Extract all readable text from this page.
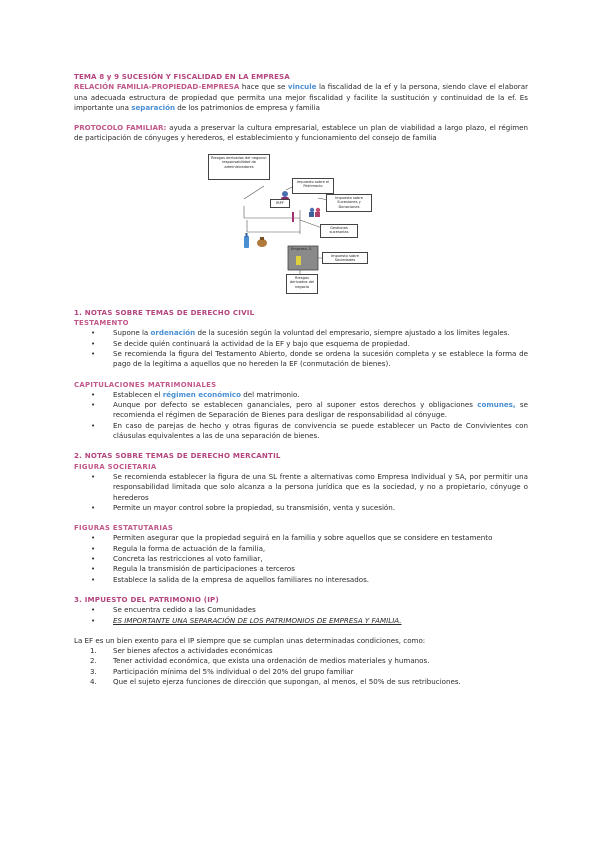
TEMA 8 y 9 SUCESIÓN Y FISCALIDAD EN LA EMPRESA

RELACIÓN FAMILIA-PROPIEDAD-EMPRESA hace que se vincule la fiscalidad de la ef y la persona, siendo clave el elaborar una adecuada estructura de propiedad que permita una mejor fiscalidad y facilite la sustitución y continuidad de la ef. Es importante una separación de los patrimonios de empresa y familia

PROTOCOLO FAMILIAR: ayuda a preservar la cultura empresarial, establece un plan de viabilidad a largo plazo, el régimen de participación de cónyuges y herederos, el establecimiento y funcionamiento del consejo de familia

Riesgos derivados del negocio: responsabilidad de administradores
Impuesto sobre el Patrimonio
IRPF
Impuesto sobre Sucesiones y Donaciones
Gestiones sucesorias
Empresa, S.
Impuesto sobre Sociedades
Riesgos derivados del negocio
1. NOTAS SOBRE TEMAS DE DERECHO CIVIL
TESTAMENTO
• Supone la ordenación de la sucesión según la voluntad del empresario, siempre ajustado a los límites legales.
• Se decide quién continuará la actividad de la EF y bajo que esquema de propiedad.
• Se recomienda la figura del Testamento Abierto, donde se ordena la sucesión completa y se establece la forma de pago de la legítima a aquellos que no hereden la EF (conmutación de bienes).
CAPITULACIONES MATRIMONIALES
• Establecen el régimen económico del matrimonio.
• Aunque por defecto se establecen gananciales, pero al suponer estos derechos y obligaciones comunes, se recomienda el régimen de Separación de Bienes para desligar de responsabilidad al cónyuge.
• En caso de parejas de hecho y otras figuras de convivencia se puede establecer un Pacto de Convivientes con cláusulas equivalentes a las de una separación de bienes.
2. NOTAS SOBRE TEMAS DE DERECHO MERCANTIL
FIGURA SOCIETARIA
• Se recomienda establecer la figura de una SL frente a alternativas como Empresa Individual y SA, por permitir una responsabilidad limitada que solo alcanza a la persona jurídica que es la sociedad, y no a propietario, cónyuge o herederos
• Permite un mayor control sobre la propiedad, su transmisión, venta y sucesión.
FIGURAS ESTATUTARIAS
• Permiten asegurar que la propiedad seguirá en la familia y sobre aquellos que se considere en testamento
• Regula la forma de actuación de la familia,
• Concreta las restricciones al voto familiar,
• Regula la transmisión de participaciones a terceros
• Establece la salida de la empresa de aquellos familiares no interesados.
3. IMPUESTO DEL PATRIMONIO (IP)
• Se encuentra cedido a las Comunidades
• ES IMPORTANTE UNA SEPARACIÓN DE LOS PATRIMONIOS DE EMPRESA Y FAMILIA.

La EF es un bien exento para el IP siempre que se cumplan unas determinadas condiciones, como:

1. Ser bienes afectos a actividades económicas
2. Tener actividad económica, que exista una ordenación de medios materiales y humanos.
3. Participación mínima del 5% individual o del 20% del grupo familiar
4. Que el sujeto ejerza funciones de dirección que supongan, al menos, el 50% de sus retribuciones.
